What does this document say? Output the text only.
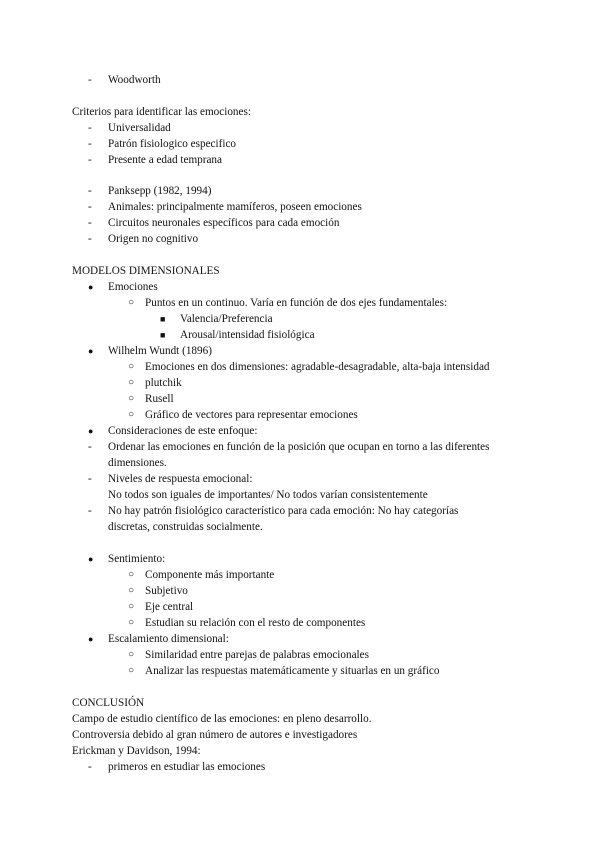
- Woodworth
Criterios para identificar las emociones:
- Universalidad
- Patrón fisiologico especifico
- Presente a edad temprana
- Panksepp (1982, 1994)
- Animales: principalmente mamíferos, poseen emociones
- Circuitos neuronales específicos para cada emoción
- Origen no cognitivo
MODELOS DIMENSIONALES
● Emociones
○ Puntos en un continuo. Varía en función de dos ejes fundamentales:
■ Valencia/Preferencia
■ Arousal/intensidad fisiológica
● Wilhelm Wundt (1896)
○ Emociones en dos dimensiones: agradable-desagradable, alta-baja intensidad
○ plutchik
○ Rusell
○ Gráfico de vectores para representar emociones
● Consideraciones de este enfoque:
- Ordenar las emociones en función de la posición que ocupan en torno a las diferentes
dimensiones.
- Niveles de respuesta emocional:
No todos son iguales de importantes/ No todos varían consistentemente
- No hay patrón fisiológico característico para cada emoción: No hay categorías
discretas, construidas socialmente.
● Sentimiento:
○ Componente más importante
○ Subjetivo
○ Eje central
○ Estudian su relación con el resto de componentes
● Escalamiento dimensional:
○ Similaridad entre parejas de palabras emocionales
○ Analizar las respuestas matemáticamente y situarlas en un gráfico
CONCLUSIÓN
Campo de estudio científico de las emociones: en pleno desarrollo.
Controversia debido al gran número de autores e investigadores
Erickman y Davidson, 1994:
- primeros en estudiar las emociones
